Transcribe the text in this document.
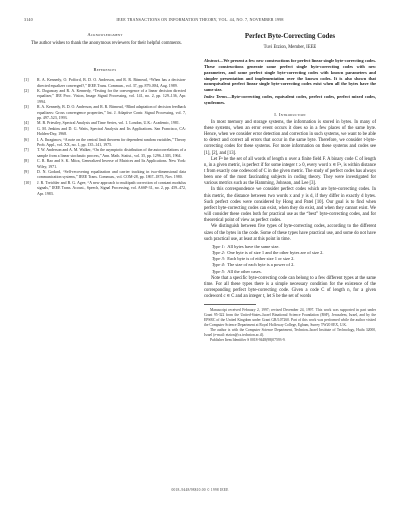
3140	IEEE TRANSACTIONS ON INFORMATION THEORY, VOL. 44, NO. 7, NOVEMBER 1998
Acknowledgment

The author wishes to thank the anonymous reviewers for their helpful comments.

References
[1]	R. A. Kennedy, O. Pofford, B. D. O. Anderson, and R. R. Bitmead, “When has a decision-directed equalizer converged?,” IEEE Trans. Commun., vol. 37, pp. 879–884, Aug. 1989.
[2]	K. Dogancay and R. A. Kennedy, “Testing for the convergence of a linear decision directed equalizer,” IEE Proc. Vision, Image Signal Processing, vol. 141, no. 2, pp. 129–136, Apr. 1994.
[3]	R. A. Kennedy, B. D. O. Anderson, and R. R. Bitmead, “Blind adaptation of decision feedback equalizers: Gross convergence properties,” Int. J. Adaptive Contr. Signal Processing, vol. 7, pp. 497–523, 1993.
[4]	M. B. Priestley, Spectral Analysis and Time Series, vol. 1. London, U.K.: Academic, 1981.
[5]	G. M. Jenkins and D. G. Watts, Spectral Analysis and Its Applications. San Francisco, CA: Holden-Day, 1968.
[6]	I. A. Ibragimov, “A note on the central limit theorem for dependent random variables,” Theory Prob. Appl., vol. XX, no. 1, pp. 135–141, 1975.
[7]	T. W. Anderson and A. M. Walker, “On the asymptotic distribution of the autocorrelations of a sample from a linear stochastic process,” Ann. Math. Statist., vol. 35, pp. 1296–1303, 1964.
[8]	C. R. Rao and S. K. Mitra, Generalized Inverse of Matrices and Its Applications. New York: Wiley, 1971.
[9]	D. N. Godard, “Self-recovering equalization and carrier tracking in two-dimensional data communication systems,” IEEE Trans. Commun., vol. COM-28, pp. 1867–1875, Nov. 1980.
[10]	J. R. Treichler and B. G. Agee, “A new approach to multipath correction of constant modulus signals,” IEEE Trans. Acoust., Speech, Signal Processing, vol. ASSP-31, no. 2, pp. 459–472, Apr. 1983.
Perfect Byte-Correcting Codes
Tuvi Etzion, Member, IEEE

Abstract—We present a few new constructions for perfect linear single byte-correcting codes. These constructions generate some perfect single byte-correcting codes with new parameters, and some perfect single byte-correcting codes with known parameters and simpler presentation and implementation over the known codes. It is also shown that nonequivalent perfect linear single byte-correcting codes exist when all the bytes have the same size.

Index Terms—Byte-correcting codes, equivalent codes, perfect codes, perfect mixed codes, syndromes.

I. Introduction

In most memory and storage systems, the information is stored in bytes. In many of these systems, when an error event occurs it does so in a few places of the same byte. Hence, when we consider error detection and correction in such systems, we want to be able to detect and correct all errors that occur in the same byte. Therefore, we consider t-byte-correcting codes for these systems. For more information on these systems and codes see [1], [2], and [13].

Let Fⁿ be the set of all words of length n over a finite field F. A binary code C of length n, in a given metric, is perfect if for some integer t ≥ 0, every word x ∈ Fⁿ, is within distance t from exactly one codeword of C in the given metric. The study of perfect codes has always been one of the most fascinating subjects in coding theory. They were investigated for various metrics such as the Hamming, Johnson, and Lee [3].

In this correspondence we consider perfect codes which are byte-correcting codes. In this metric, the distance between two words x and y is d, if they differ in exactly d bytes. Such perfect codes were considered by Hong and Patel [10]. Our goal is to find when perfect byte-correcting codes can exist, when they do exist, and when they cannot exist. We will consider these codes both for practical use as the “best” byte-correcting codes, and for theoretical point of view as perfect codes.

We distinguish between five types of byte-correcting codes, according to the different sizes of the bytes in the code. Some of these types have practical use, and some do not have such practical use, at least at this point in time.

Type 1: All bytes have the same size.
Type 2: One byte is of size 1 and the other bytes are of size 2.
Type 3: Each byte is of either size 1 or size 2.
Type 4: The size of each byte is a power of 2.
Type 5: All the other cases.

Note that a specific byte-correcting code can belong to a few different types at the same time. For all these types there is a simple necessary condition for the existence of the corresponding perfect byte-correcting code. Given a code C of length n, for a given codeword c ∈ C and an integer t, let S be the set of words

Manuscript received February 2, 1997; revised December 24, 1997. This work was supported in part under Grant 95-322 from the United-States–Israel Binational Science Foundation (BSF), Jerusalem, Israel, and by the EPSRC of the United Kingdom under Grant GR/L07260. Part of this work was performed while the author visited the Computer Science Department at Royal Holloway College, Egham, Surrey TW20 0EX, U.K.

The author is with the Computer Science Department, Technion–Israel Institute of Technology, Haifa 32000, Israel (e-mail: etzion@cs.technion.ac.il).

Publisher Item Identifier S 0018-9448(98)07593-9.

0018–9448/98$10.00 © 1998 IEEE
